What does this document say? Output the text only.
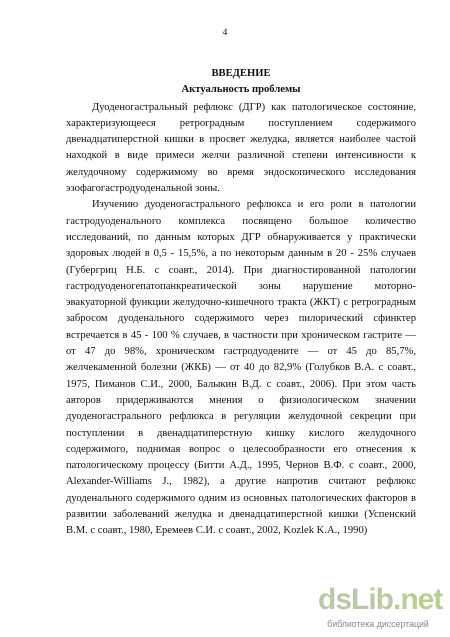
4

ВВЕДЕНИЕ

Актуальность проблемы

Дуоденогастральный рефлюкс (ДГР) как патологическое состояние, характеризующееся ретроградным поступлением содержимого двенадцатиперстной кишки в просвет желудка, является наиболее частой находкой в виде примеси желчи различной степени интенсивности к желудочному содержимому во время эндоскопического исследования эзофагогастродуоденальной зоны.

Изучению дуоденогастрального рефлюкса и его роли в патологии гастродуоденального комплекса посвящено большое количество исследований, по данным которых ДГР обнаруживается у практически здоровых людей в 0,5 - 15,5%, а по некоторым данным в 20 - 25% случаев (Губергриц Н.Б. с соавт., 2014). При диагностированной патологии гастродуоденогепатопанкреатической зоны нарушение моторно-эвакуаторной функции желудочно-кишечного тракта (ЖКТ) с ретроградным забросом дуоденального содержимого через пилорический сфинктер встречается в 45 - 100 % случаев, в частности при хроническом гастрите — от 47 до 98%, хроническом гастродуодените — от 45 до 85,7%, желчекаменной болезни (ЖКБ) — от 40 до 82,9% (Голубков В.А. с соавт., 1975, Пиманов С.И., 2000, Балыкин В.Д. с соавт., 2006). При этом часть авторов придерживаются мнения о физиологическом значении дуоденогастрального рефлюкса в регуляции желудочной секреции при поступлении в двенадцатиперстную кишку кислого желудочного содержимого, поднимая вопрос о целесообразности его отнесения к патологическому процессу (Битти А.Д., 1995, Чернов В.Ф. с соавт., 2000, Alexander-Williams J., 1982), а другие напротив считают рефлюкс дуоденального содержимого одним из основных патологических факторов в развитии заболеваний желудка и двенадцатиперстной кишки (Успенский В.М. с соавт., 1980, Еремеев С.И. с соавт., 2002, Kozlek K.A., 1990)

dsLib.net
библиотека диссертаций
